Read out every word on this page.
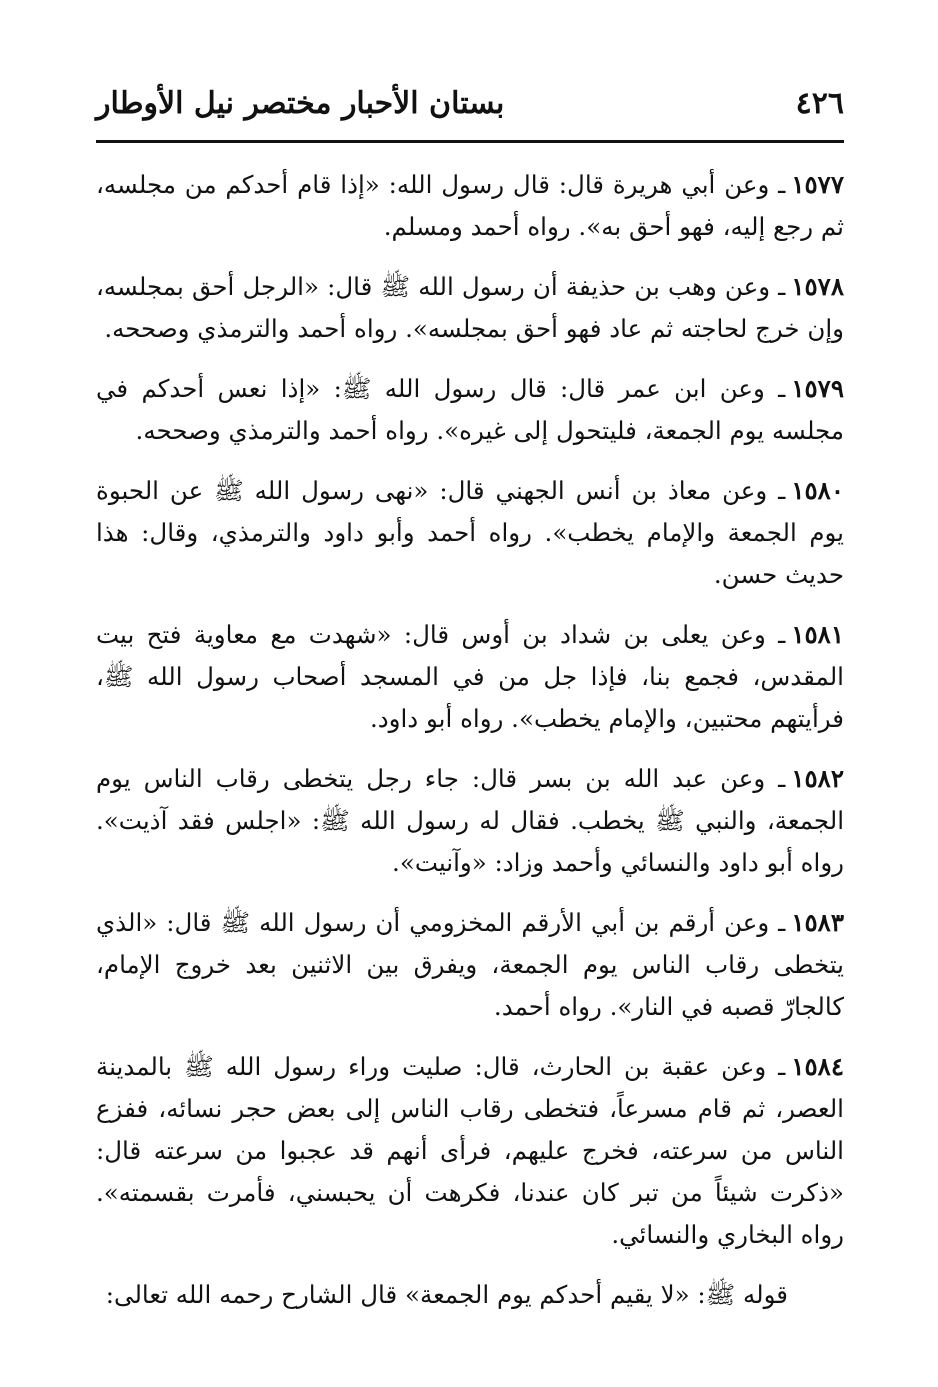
٤٢٦
بستان الأحبار مختصر نيل الأوطار

١٥٧٧ـ وعن أبي هريرة قال: قال رسول الله: «إذا قام أحدكم من مجلسه، ثم رجع إليه، فهو أحق به». رواه أحمد ومسلم.

١٥٧٨ـ وعن وهب بن حذيفة أن رسول الله ﷺ قال: «الرجل أحق بمجلسه، وإن خرج لحاجته ثم عاد فهو أحق بمجلسه». رواه أحمد والترمذي وصححه.

١٥٧٩ـ وعن ابن عمر قال: قال رسول الله ﷺ: «إذا نعس أحدكم في مجلسه يوم الجمعة، فليتحول إلى غيره». رواه أحمد والترمذي وصححه.

١٥٨٠ـ وعن معاذ بن أنس الجهني قال: «نهى رسول الله ﷺ عن الحبوة يوم الجمعة والإمام يخطب». رواه أحمد وأبو داود والترمذي، وقال: هذا حديث حسن.

١٥٨١ـ وعن يعلى بن شداد بن أوس قال: «شهدت مع معاوية فتح بيت المقدس، فجمع بنا، فإذا جل من في المسجد أصحاب رسول الله ﷺ، فرأيتهم محتبين، والإمام يخطب». رواه أبو داود.

١٥٨٢ـ وعن عبد الله بن بسر قال: جاء رجل يتخطى رقاب الناس يوم الجمعة، والنبي ﷺ يخطب. فقال له رسول الله ﷺ: «اجلس فقد آذيت». رواه أبو داود والنسائي وأحمد وزاد: «وآنيت».

١٥٨٣ـ وعن أرقم بن أبي الأرقم المخزومي أن رسول الله ﷺ قال: «الذي يتخطى رقاب الناس يوم الجمعة، ويفرق بين الاثنين بعد خروج الإمام، كالجارّ قصبه في النار». رواه أحمد.

١٥٨٤ـ وعن عقبة بن الحارث، قال: صليت وراء رسول الله ﷺ بالمدينة العصر، ثم قام مسرعاً، فتخطى رقاب الناس إلى بعض حجر نسائه، ففزع الناس من سرعته، فخرج عليهم، فرأى أنهم قد عجبوا من سرعته قال: «ذكرت شيئاً من تبر كان عندنا، فكرهت أن يحبسني، فأمرت بقسمته». رواه البخاري والنسائي.

قوله ﷺ: «لا يقيم أحدكم يوم الجمعة» قال الشارح رحمه الله تعالى:
